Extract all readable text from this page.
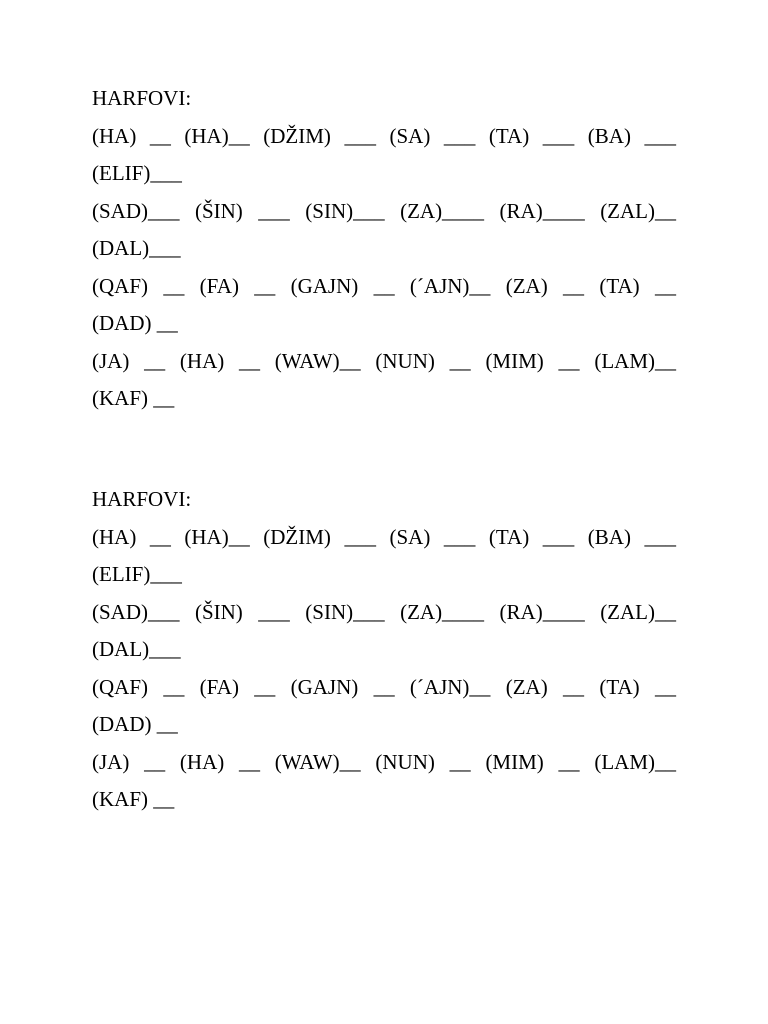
HARFOVI:
(HA) __ (HA)__ (DŽIM) ___ (SA) ___ (TA) ___ (BA) ___
(ELIF)___
(SAD)___ (ŠIN) ___ (SIN)___ (ZA)____ (RA)____ (ZAL)__
(DAL)___
(QAF) __ (FA) __ (GAJN) __ (´AJN)__ (ZA) __ (TA) __
(DAD) __
(JA) __ (HA) __ (WAW)__ (NUN) __ (MIM) __ (LAM)__
(KAF) __
HARFOVI:
(HA) __ (HA)__ (DŽIM) ___ (SA) ___ (TA) ___ (BA) ___
(ELIF)___
(SAD)___ (ŠIN) ___ (SIN)___ (ZA)____ (RA)____ (ZAL)__
(DAL)___
(QAF) __ (FA) __ (GAJN) __ (´AJN)__ (ZA) __ (TA) __
(DAD) __
(JA) __ (HA) __ (WAW)__ (NUN) __ (MIM) __ (LAM)__
(KAF) __
